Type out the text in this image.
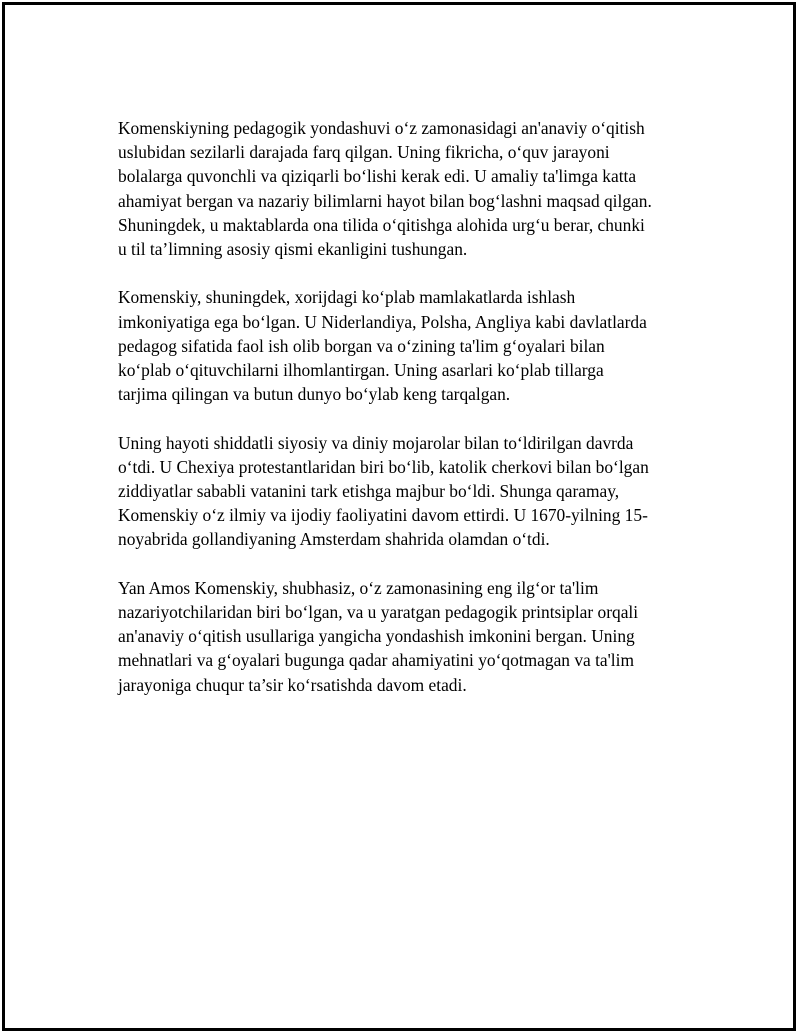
Komenskiyning pedagogik yondashuvi o‘z zamonasidagi an'anaviy o‘qitish
uslubidan sezilarli darajada farq qilgan. Uning fikricha, o‘quv jarayoni
bolalarga quvonchli va qiziqarli bo‘lishi kerak edi. U amaliy ta'limga katta
ahamiyat bergan va nazariy bilimlarni hayot bilan bog‘lashni maqsad qilgan.
Shuningdek, u maktablarda ona tilida o‘qitishga alohida urg‘u berar, chunki
u til ta’limning asosiy qismi ekanligini tushungan.

Komenskiy, shuningdek, xorijdagi ko‘plab mamlakatlarda ishlash
imkoniyatiga ega bo‘lgan. U Niderlandiya, Polsha, Angliya kabi davlatlarda
pedagog sifatida faol ish olib borgan va o‘zining ta'lim g‘oyalari bilan
ko‘plab o‘qituvchilarni ilhomlantirgan. Uning asarlari ko‘plab tillarga
tarjima qilingan va butun dunyo bo‘ylab keng tarqalgan.

Uning hayoti shiddatli siyosiy va diniy mojarolar bilan to‘ldirilgan davrda
o‘tdi. U Chexiya protestantlaridan biri bo‘lib, katolik cherkovi bilan bo‘lgan
ziddiyatlar sababli vatanini tark etishga majbur bo‘ldi. Shunga qaramay,
Komenskiy o‘z ilmiy va ijodiy faoliyatini davom ettirdi. U 1670-yilning 15-
noyabrida gollandiyaning Amsterdam shahrida olamdan o‘tdi.

Yan Amos Komenskiy, shubhasiz, o‘z zamonasining eng ilg‘or ta'lim
nazariyotchilaridan biri bo‘lgan, va u yaratgan pedagogik printsiplar orqali
an'anaviy o‘qitish usullariga yangicha yondashish imkonini bergan. Uning
mehnatlari va g‘oyalari bugunga qadar ahamiyatini yo‘qotmagan va ta'lim
jarayoniga chuqur ta’sir ko‘rsatishda davom etadi.
